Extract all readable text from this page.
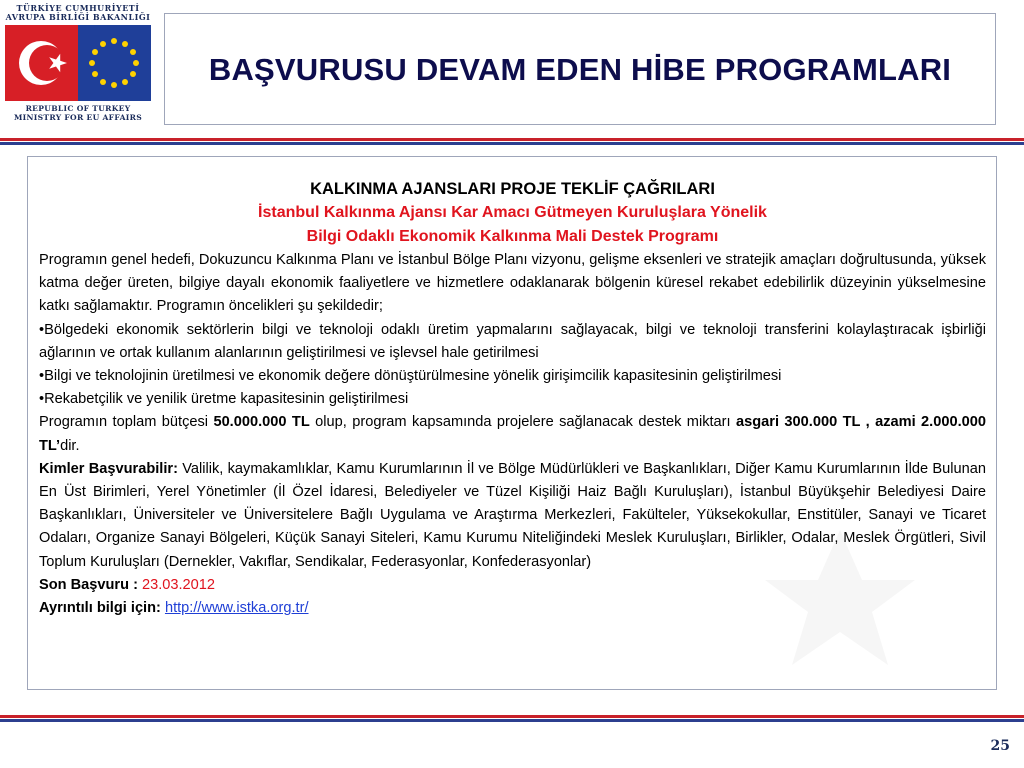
TÜRKİYE CUMHURİYETİ
AVRUPA BİRLİĞİ BAKANLIĞI
REPUBLIC OF TURKEY
MINISTRY FOR EU AFFAIRS
BAŞVURUSU DEVAM EDEN HİBE PROGRAMLARI
KALKINMA AJANSLARI PROJE TEKLİF ÇAĞRILARI
İstanbul Kalkınma Ajansı Kar Amacı Gütmeyen Kuruluşlara Yönelik
Bilgi Odaklı Ekonomik Kalkınma Mali Destek Programı

Programın genel hedefi, Dokuzuncu Kalkınma Planı ve İstanbul Bölge Planı vizyonu, gelişme eksenleri ve stratejik amaçları doğrultusunda, yüksek katma değer üreten, bilgiye dayalı ekonomik faaliyetlere ve hizmetlere odaklanarak bölgenin küresel rekabet edebilirlik düzeyinin yükselmesine katkı sağlamaktır. Programın öncelikleri şu şekildedir;

•Bölgedeki ekonomik sektörlerin bilgi ve teknoloji odaklı üretim yapmalarını sağlayacak, bilgi ve teknoloji transferini kolaylaştıracak işbirliği ağlarının ve ortak kullanım alanlarının geliştirilmesi ve işlevsel hale getirilmesi

•Bilgi ve teknolojinin üretilmesi ve ekonomik değere dönüştürülmesine yönelik girişimcilik kapasitesinin geliştirilmesi

•Rekabetçilik ve yenilik üretme kapasitesinin geliştirilmesi

Programın toplam bütçesi 50.000.000 TL olup, program kapsamında projelere sağlanacak destek miktarı asgari 300.000 TL , azami 2.000.000 TL’dir.

Kimler Başvurabilir: Valilik, kaymakamlıklar, Kamu Kurumlarının İl ve Bölge Müdürlükleri ve Başkanlıkları, Diğer Kamu Kurumlarının İlde Bulunan En Üst Birimleri, Yerel Yönetimler (İl Özel İdaresi, Belediyeler ve Tüzel Kişiliği Haiz Bağlı Kuruluşları), İstanbul Büyükşehir Belediyesi Daire Başkanlıkları, Üniversiteler ve Üniversitelere Bağlı Uygulama ve Araştırma Merkezleri, Fakülteler, Yüksekokullar, Enstitüler, Sanayi ve Ticaret Odaları, Organize Sanayi Bölgeleri, Küçük Sanayi Siteleri, Kamu Kurumu Niteliğindeki Meslek Kuruluşları, Birlikler, Odalar, Meslek Örgütleri, Sivil Toplum Kuruluşları (Dernekler, Vakıflar, Sendikalar, Federasyonlar, Konfederasyonlar)

Son Başvuru : 23.03.2012

Ayrıntılı bilgi için: http://www.istka.org.tr/

25
